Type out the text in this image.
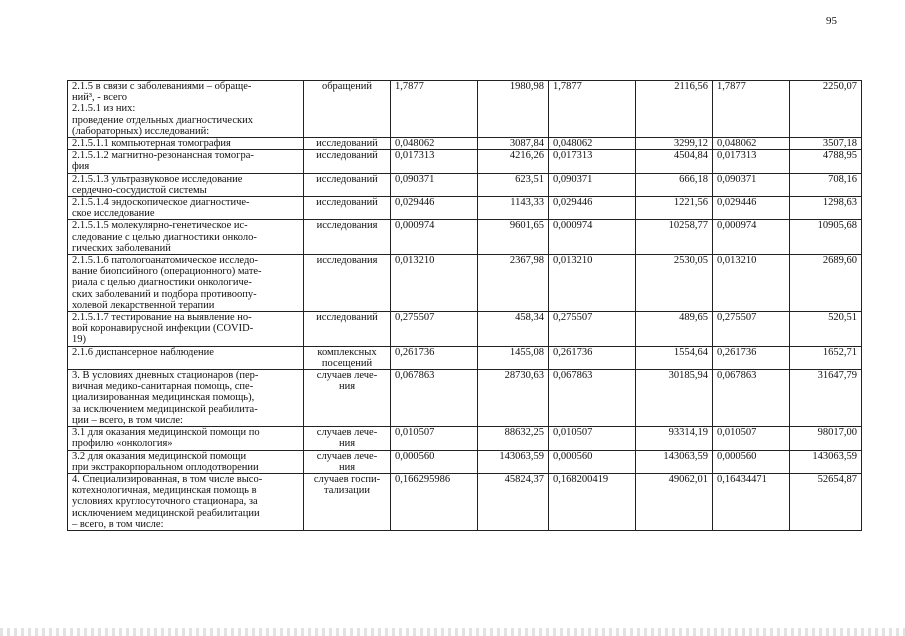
95
2.1.5 в связи с заболеваниями – обраще-
ний³, - всего
2.1.5.1 из них:
проведение отдельных диагностических
(лабораторных) исследований:	обращений	1,7877	1980,98	1,7877	2116,56	1,7877	2250,07

2.1.5.1.1 компьютерная томография	исследований	0,048062	3087,84	0,048062	3299,12	0,048062	3507,18

2.1.5.1.2 магнитно-резонансная томогра-
фия	исследований	0,017313	4216,26	0,017313	4504,84	0,017313	4788,95

2.1.5.1.3 ультразвуковое исследование
сердечно-сосудистой системы	исследований	0,090371	623,51	0,090371	666,18	0,090371	708,16

2.1.5.1.4 эндоскопическое диагностиче-
ское исследование	исследований	0,029446	1143,33	0,029446	1221,56	0,029446	1298,63

2.1.5.1.5 молекулярно-генетическое ис-
следование с целью диагностики онколо-
гических заболеваний	исследования	0,000974	9601,65	0,000974	10258,77	0,000974	10905,68

2.1.5.1.6 патологоанатомическое исследо-
вание биопсийного (операционного) мате-
риала с целью диагностики онкологиче-
ских заболеваний и подбора противоопу-
холевой лекарственной терапии	исследования	0,013210	2367,98	0,013210	2530,05	0,013210	2689,60

2.1.5.1.7 тестирование на выявление но-
вой коронавирусной инфекции (COVID-
19)	исследований	0,275507	458,34	0,275507	489,65	0,275507	520,51

2.1.6 диспансерное наблюдение	комплексных
посещений	0,261736	1455,08	0,261736	1554,64	0,261736	1652,71

3. В условиях дневных стационаров (пер-
вичная медико-санитарная помощь, спе-
циализированная медицинская помощь),
за исключением медицинской реабилита-
ции – всего, в том числе:	случаев лече-
ния	0,067863	28730,63	0,067863	30185,94	0,067863	31647,79

3.1 для оказания медицинской помощи по
профилю «онкология»	случаев лече-
ния	0,010507	88632,25	0,010507	93314,19	0,010507	98017,00

3.2 для оказания медицинской помощи
при экстракорпоральном оплодотворении	случаев лече-
ния	0,000560	143063,59	0,000560	143063,59	0,000560	143063,59

4. Специализированная, в том числе высо-
котехнологичная, медицинская помощь в
условиях круглосуточного стационара, за
исключением медицинской реабилитации
– всего, в том числе:	случаев госпи-
тализации	0,166295986	45824,37	0,168200419	49062,01	0,16434471	52654,87
